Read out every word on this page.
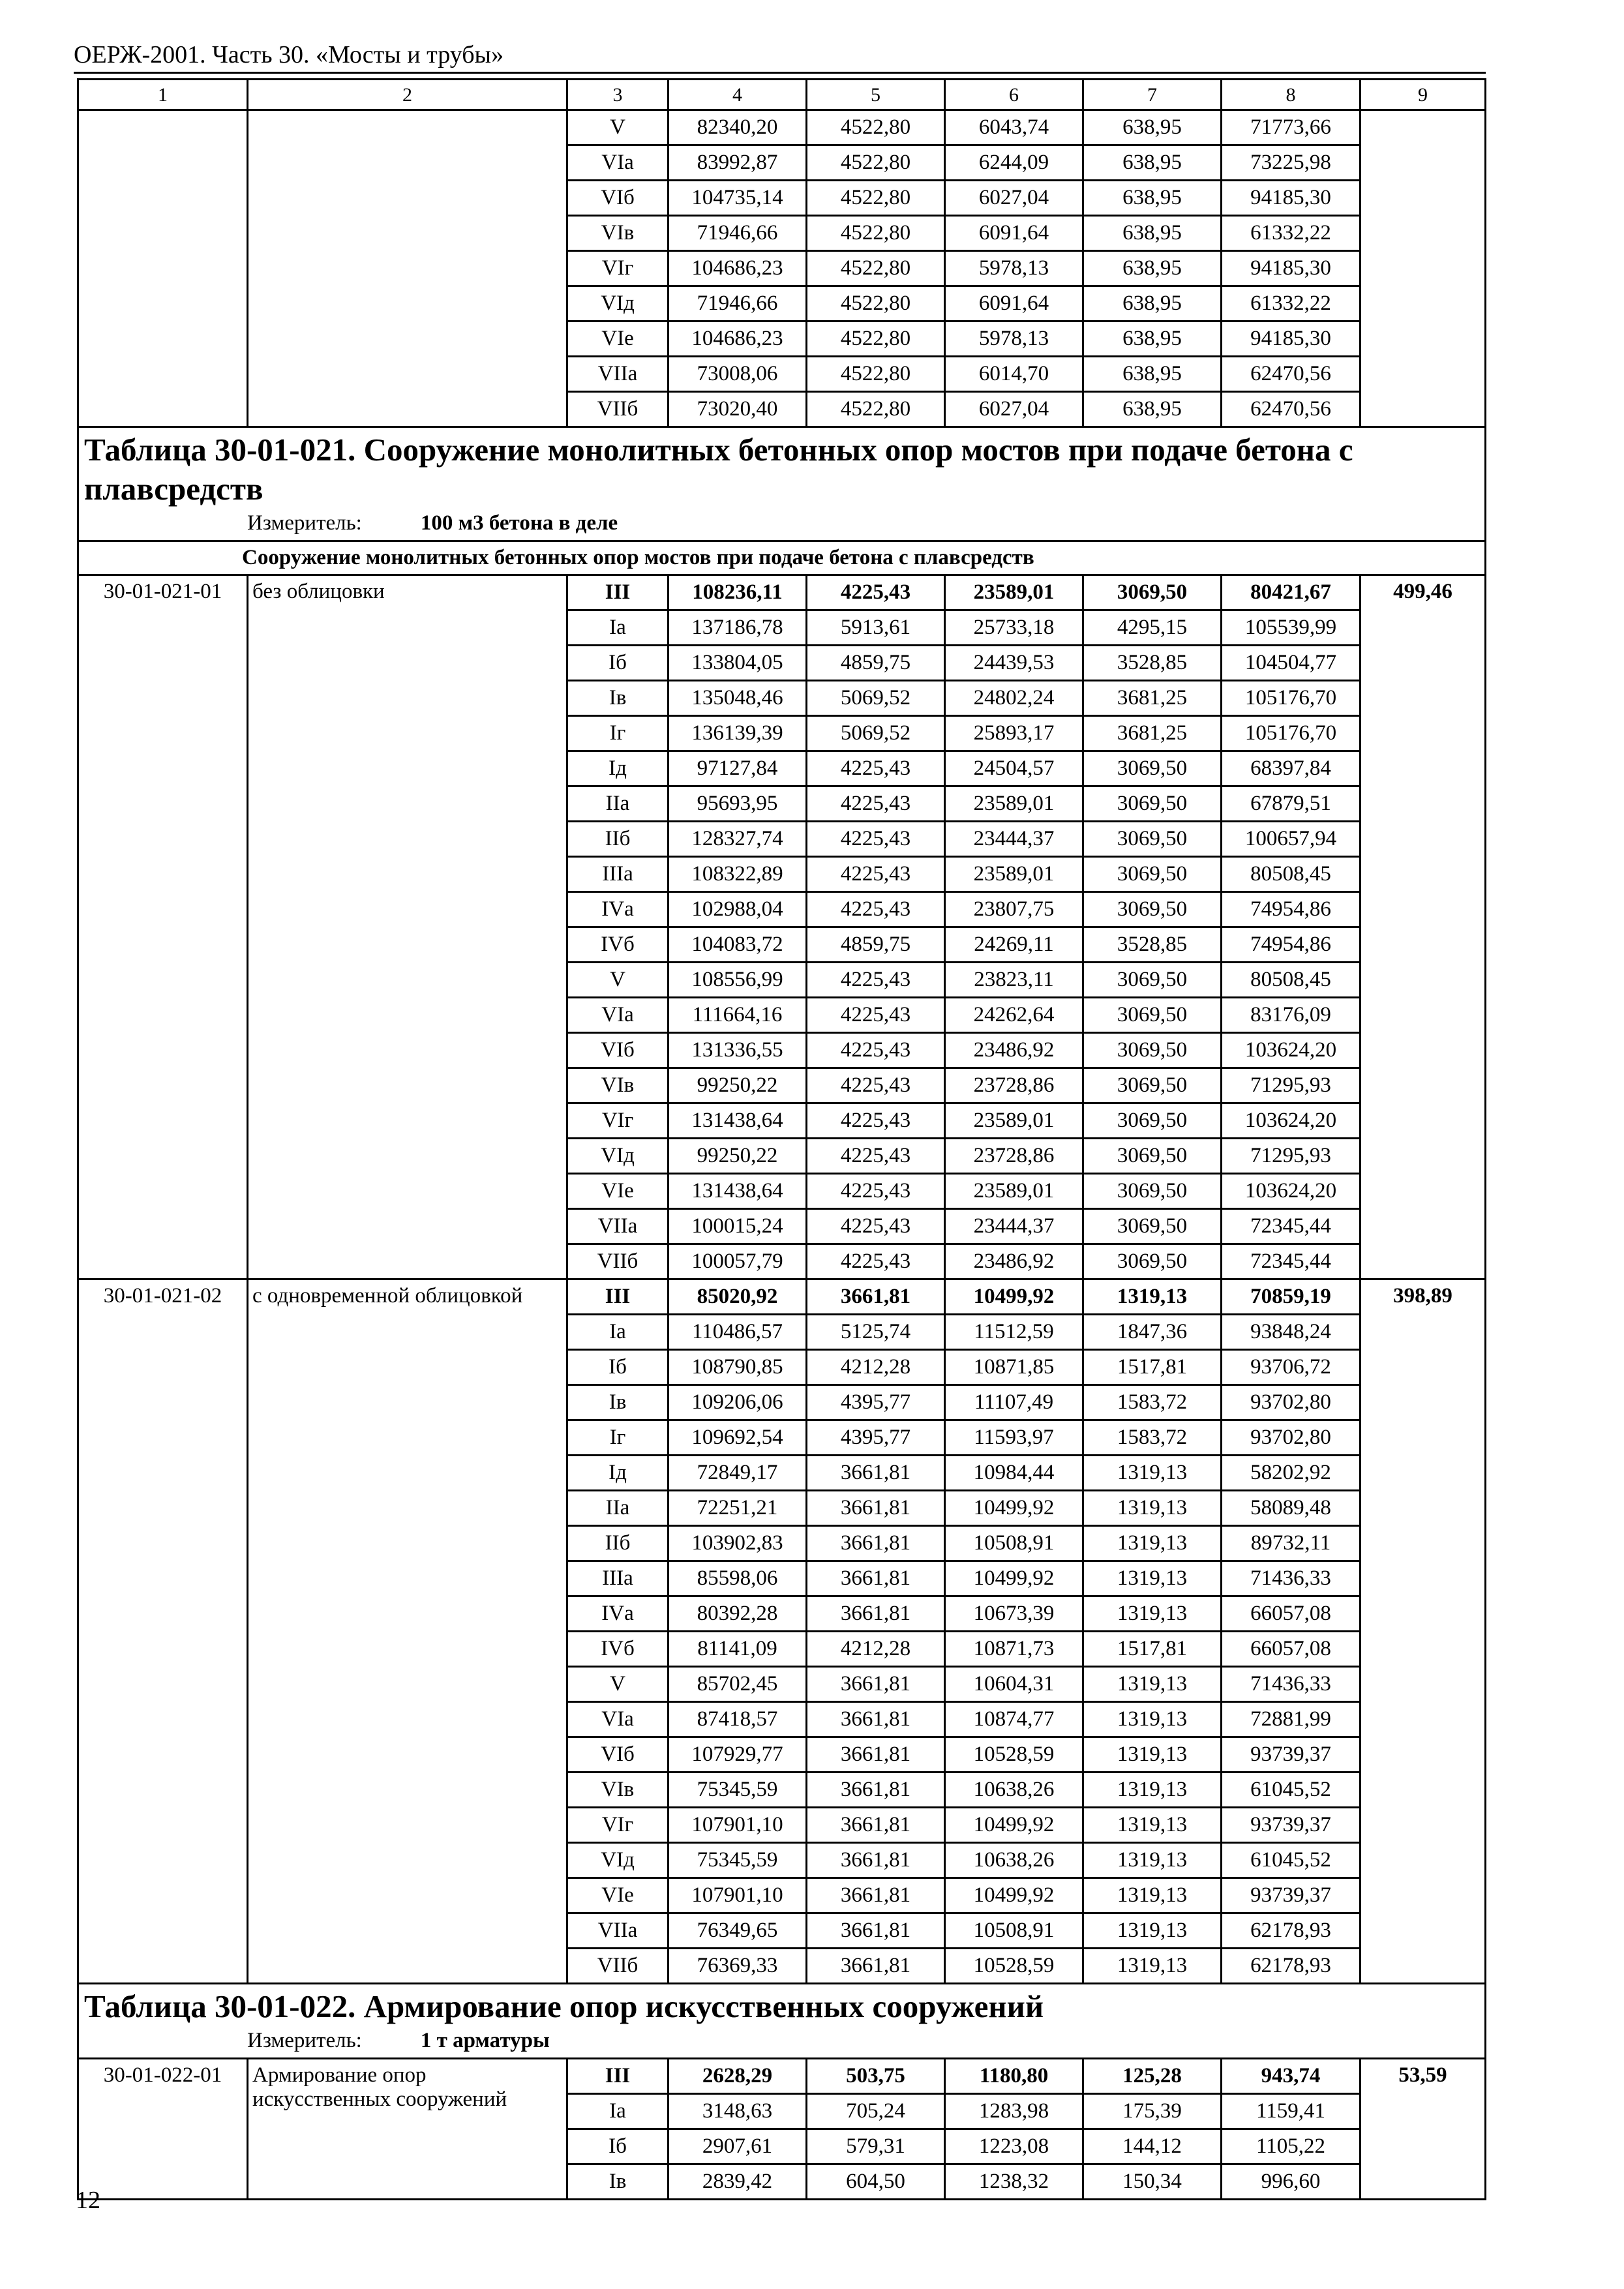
ОЕРЖ-2001. Часть 30. «Мосты и трубы»
1	2	3	4	5	6	7	8	9
		V	82340,20	4522,80	6043,74	638,95	71773,66	
		VIа	83992,87	4522,80	6244,09	638,95	73225,98	
		VIб	104735,14	4522,80	6027,04	638,95	94185,30	
		VIв	71946,66	4522,80	6091,64	638,95	61332,22	
		VIг	104686,23	4522,80	5978,13	638,95	94185,30	
		VIд	71946,66	4522,80	6091,64	638,95	61332,22	
		VIе	104686,23	4522,80	5978,13	638,95	94185,30	
		VIIа	73008,06	4522,80	6014,70	638,95	62470,56	
		VIIб	73020,40	4522,80	6027,04	638,95	62470,56	

Таблица 30-01-021. Сооружение монолитных бетонных опор мостов при подаче бетона с плавсредств
Измеритель: 100 м3 бетона в деле								

Сооружение монолитных бетонных опор мостов при подаче бетона с плавсредств								
30-01-021-01	без облицовки	III	108236,11	4225,43	23589,01	3069,50	80421,67	499,46
		Iа	137186,78	5913,61	25733,18	4295,15	105539,99	
		Iб	133804,05	4859,75	24439,53	3528,85	104504,77	
		Iв	135048,46	5069,52	24802,24	3681,25	105176,70	
		Iг	136139,39	5069,52	25893,17	3681,25	105176,70	
		Iд	97127,84	4225,43	24504,57	3069,50	68397,84	
		IIа	95693,95	4225,43	23589,01	3069,50	67879,51	
		IIб	128327,74	4225,43	23444,37	3069,50	100657,94	
		IIIа	108322,89	4225,43	23589,01	3069,50	80508,45	
		IVа	102988,04	4225,43	23807,75	3069,50	74954,86	
		IVб	104083,72	4859,75	24269,11	3528,85	74954,86	
		V	108556,99	4225,43	23823,11	3069,50	80508,45	
		VIа	111664,16	4225,43	24262,64	3069,50	83176,09	
		VIб	131336,55	4225,43	23486,92	3069,50	103624,20	
		VIв	99250,22	4225,43	23728,86	3069,50	71295,93	
		VIг	131438,64	4225,43	23589,01	3069,50	103624,20	
		VIд	99250,22	4225,43	23728,86	3069,50	71295,93	
		VIе	131438,64	4225,43	23589,01	3069,50	103624,20	
		VIIа	100015,24	4225,43	23444,37	3069,50	72345,44	
		VIIб	100057,79	4225,43	23486,92	3069,50	72345,44	
30-01-021-02	с одновременной облицовкой	III	85020,92	3661,81	10499,92	1319,13	70859,19	398,89
		Iа	110486,57	5125,74	11512,59	1847,36	93848,24	
		Iб	108790,85	4212,28	10871,85	1517,81	93706,72	
		Iв	109206,06	4395,77	11107,49	1583,72	93702,80	
		Iг	109692,54	4395,77	11593,97	1583,72	93702,80	
		Iд	72849,17	3661,81	10984,44	1319,13	58202,92	
		IIа	72251,21	3661,81	10499,92	1319,13	58089,48	
		IIб	103902,83	3661,81	10508,91	1319,13	89732,11	
		IIIа	85598,06	3661,81	10499,92	1319,13	71436,33	
		IVа	80392,28	3661,81	10673,39	1319,13	66057,08	
		IVб	81141,09	4212,28	10871,73	1517,81	66057,08	
		V	85702,45	3661,81	10604,31	1319,13	71436,33	
		VIа	87418,57	3661,81	10874,77	1319,13	72881,99	
		VIб	107929,77	3661,81	10528,59	1319,13	93739,37	
		VIв	75345,59	3661,81	10638,26	1319,13	61045,52	
		VIг	107901,10	3661,81	10499,92	1319,13	93739,37	
		VIд	75345,59	3661,81	10638,26	1319,13	61045,52	
		VIе	107901,10	3661,81	10499,92	1319,13	93739,37	
		VIIа	76349,65	3661,81	10508,91	1319,13	62178,93	
		VIIб	76369,33	3661,81	10528,59	1319,13	62178,93	

Таблица 30-01-022. Армирование опор искусственных сооружений
Измеритель: 1 т арматуры								

30-01-022-01	Армирование опор искусственных сооружений	III	2628,29	503,75	1180,80	125,28	943,74	53,59
		Iа	3148,63	705,24	1283,98	175,39	1159,41	
		Iб	2907,61	579,31	1223,08	144,12	1105,22	
		Iв	2839,42	604,50	1238,32	150,34	996,60	
12
